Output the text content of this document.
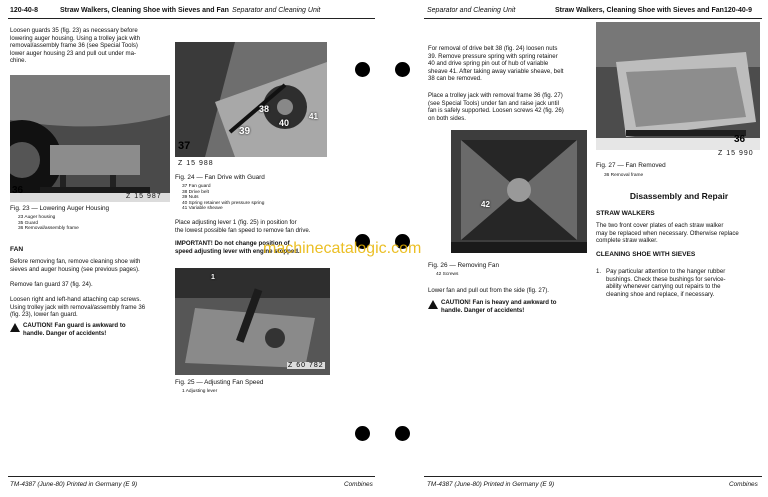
120-40-8	Straw Walkers, Cleaning Shoe with Sieves and Fan Separator and Cleaning Unit
Loosen guards 35 (fig. 23) as necessary before
lowering auger housing. Using a trolley jack with
removal/assembly frame 36 (see Special Tools)
lower auger housing 23 and pull out under ma-
chine.
36
Z 15 987
Fig. 23 — Lowering Auger Housing
23 Auger housing
35 Guard
36 Removal/assembly frame
FAN
Before removing fan, remove cleaning shoe with
sieves and auger housing (see previous pages).
Remove fan guard 37 (fig. 24).
Loosen right and left-hand attaching cap screws.
Using trolley jack with removal/assembly frame 36
(fig. 23), lower fan guard.
CAUTION! Fan guard is awkward to
handle. Danger of accidents!
38
39
40
41
37
Z 15 988
Fig. 24 — Fan Drive with Guard
37 Fan guard
38 Drive belt
39 Nuts
40 Spring retainer with pressure spring
41 Variable sheave
Place adjusting lever 1 (fig. 25) in position for
the lowest possible fan speed to remove fan drive.
IMPORTANT! Do not change position of
speed adjusting lever with engine stopped.
1
Z 60 782
Fig. 25 — Adjusting Fan Speed
1 Adjusting lever
TM-4387 (June-80) Printed in Germany (E 9)	Combines
Separator and Cleaning Unit	Straw Walkers, Cleaning Shoe with Sieves and Fan 120-40-9
For removal of drive belt 38 (fig. 24) loosen nuts
39. Remove pressure spring with spring retainer
40 and drive spring pin out of hub of variable
sheave 41. After taking away variable sheave, belt
38 can be removed.
Place a trolley jack with removal frame 36 (fig. 27)
(see Special Tools) under fan and raise jack until
fan is safely supported. Loosen screws 42 (fig. 26)
on both sides.
42
Fig. 26 — Removing Fan
42 Screws
Lower fan and pull out from the side (fig. 27).
CAUTION! Fan is heavy and awkward to
handle. Danger of accidents!
36
Z 15 990
Fig. 27 — Fan Removed
36 Removal frame
Disassembly and Repair
STRAW WALKERS
The two front cover plates of each straw walker
may be replaced when necessary. Otherwise replace
complete straw walker.
CLEANING SHOE WITH SIEVES
1. Pay particular attention to the hanger rubber
bushings. Check these bushings for service-
ability whenever carrying out repairs to the
cleaning shoe and replace, if necessary.
TM-4387 (June-80) Printed in Germany (E 9)	Combines
machinecatalogic.com
